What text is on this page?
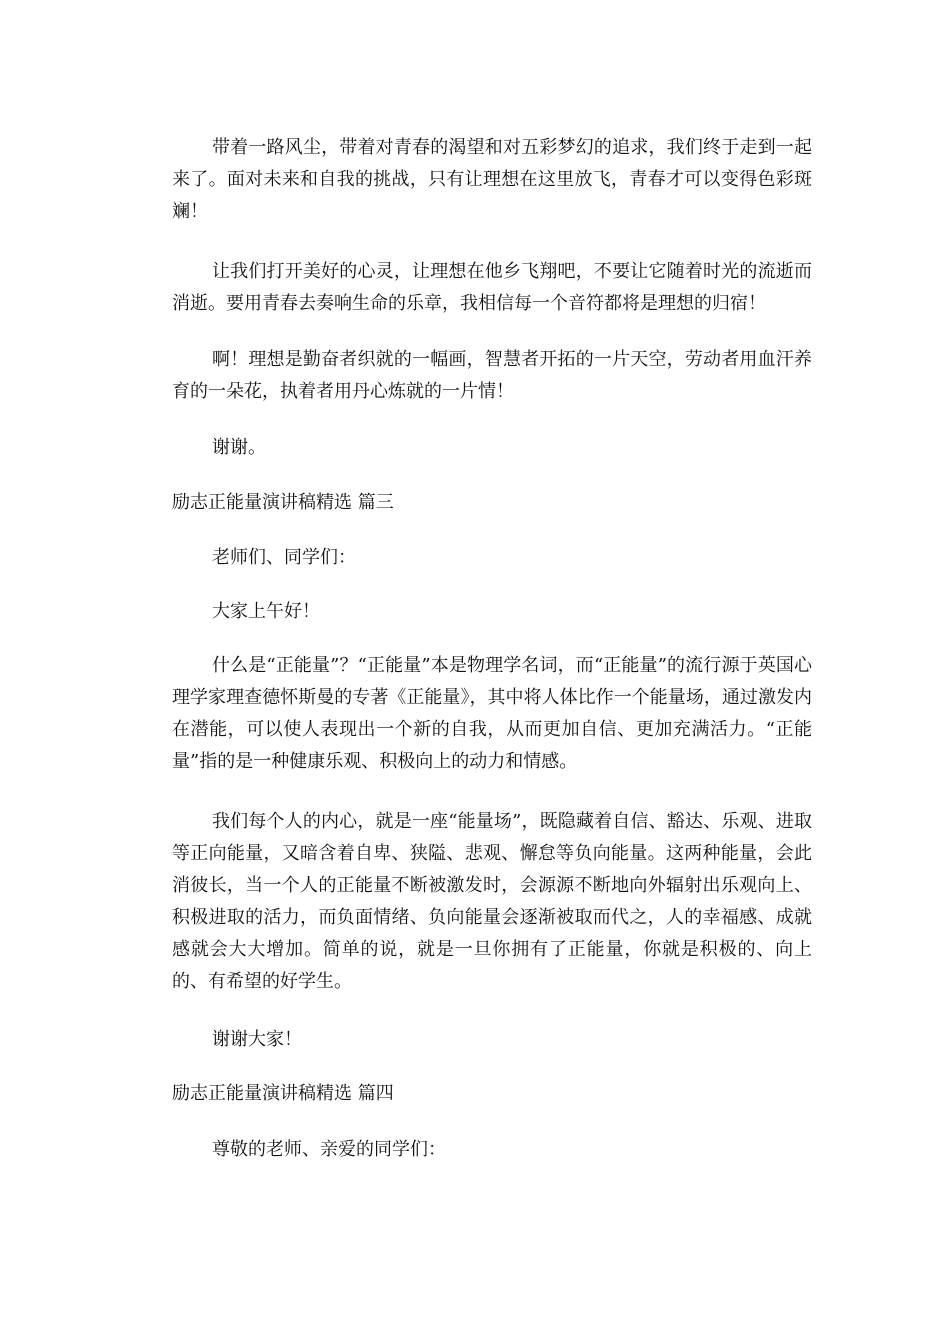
带着一路风尘，带着对青春的渴望和对五彩梦幻的追求，我们终于走到一起来了。面对未来和自我的挑战，只有让理想在这里放飞，青春才可以变得色彩斑斓！

让我们打开美好的心灵，让理想在他乡飞翔吧，不要让它随着时光的流逝而消逝。要用青春去奏响生命的乐章，我相信每一个音符都将是理想的归宿！

啊！理想是勤奋者织就的一幅画，智慧者开拓的一片天空，劳动者用血汗养育的一朵花，执着者用丹心炼就的一片情！

谢谢。

励志正能量演讲稿精选 篇三

老师们、同学们：

大家上午好！

什么是“正能量”？“正能量”本是物理学名词，而“正能量”的流行源于英国心理学家理查德怀斯曼的专著《正能量》，其中将人体比作一个能量场，通过激发内在潜能，可以使人表现出一个新的自我，从而更加自信、更加充满活力。“正能量”指的是一种健康乐观、积极向上的动力和情感。

我们每个人的内心，就是一座“能量场”，既隐藏着自信、豁达、乐观、进取等正向能量，又暗含着自卑、狭隘、悲观、懈怠等负向能量。这两种能量，会此消彼长，当一个人的正能量不断被激发时，会源源不断地向外辐射出乐观向上、积极进取的活力，而负面情绪、负向能量会逐渐被取而代之，人的幸福感、成就感就会大大增加。简单的说，就是一旦你拥有了正能量，你就是积极的、向上的、有希望的好学生。

谢谢大家！

励志正能量演讲稿精选 篇四

尊敬的老师、亲爱的同学们：
